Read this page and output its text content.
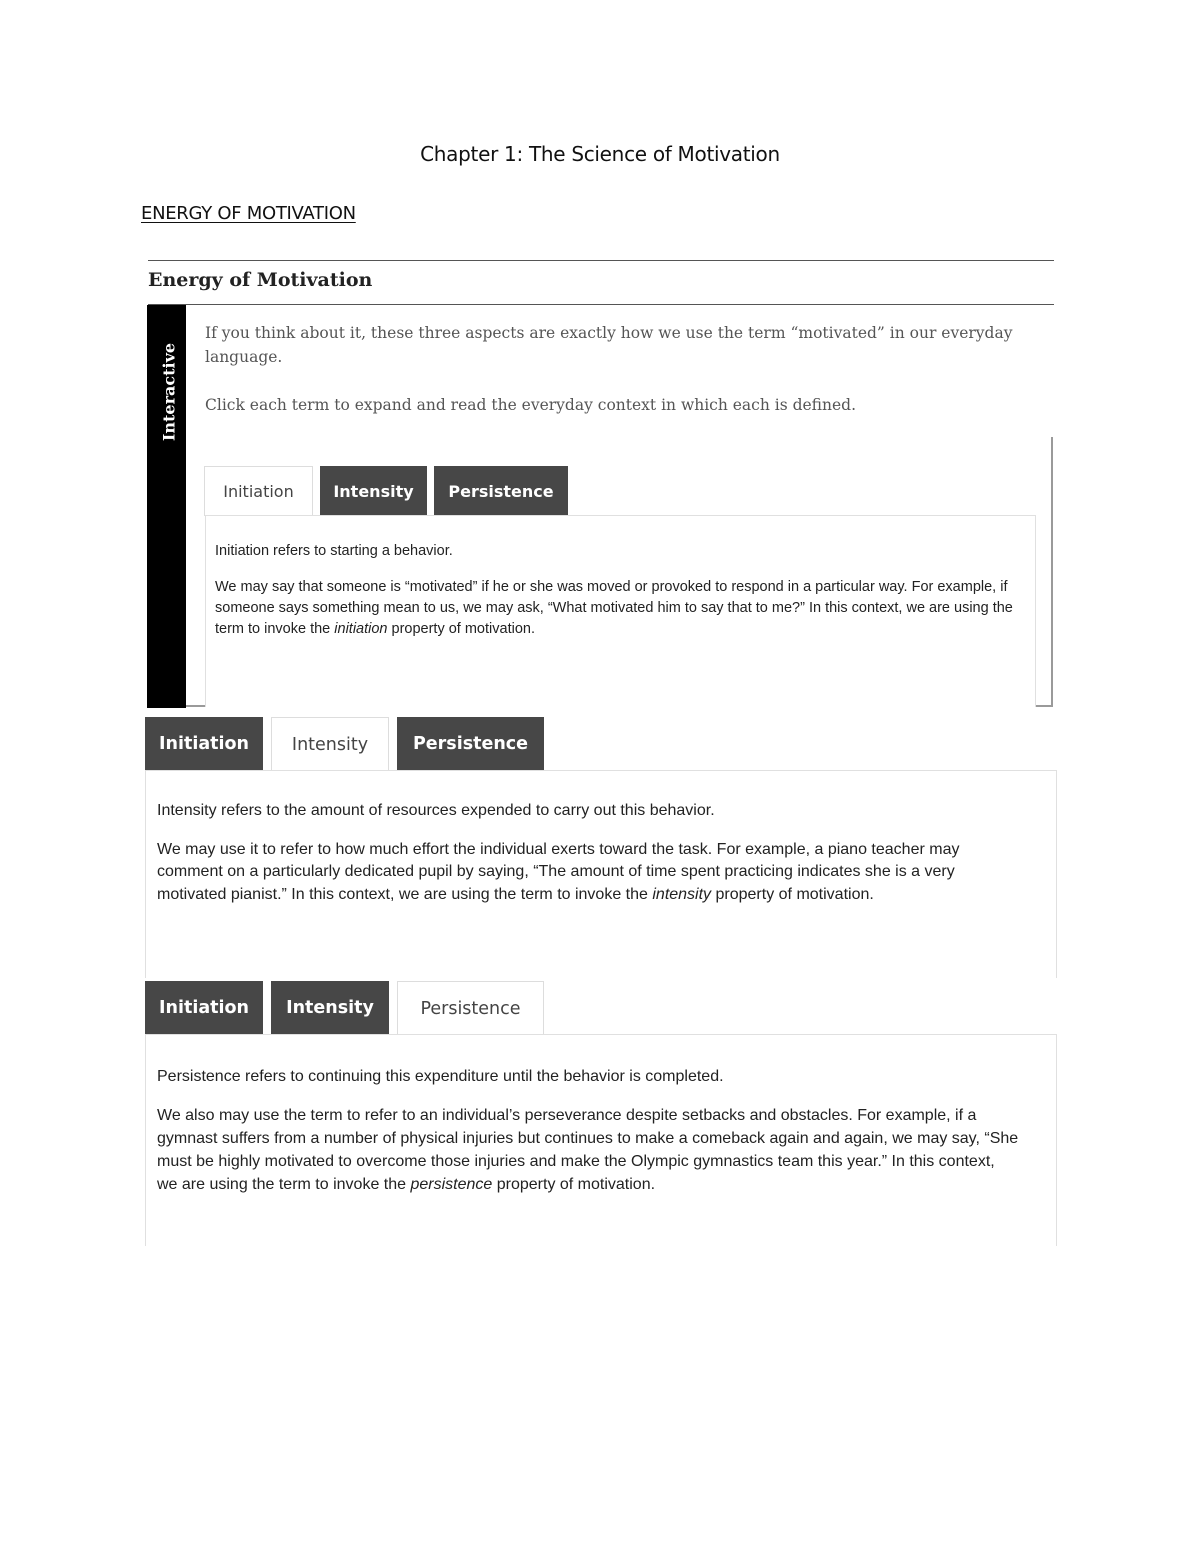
Chapter 1: The Science of Motivation
ENERGY OF MOTIVATION
Energy of Motivation
Interactive

If you think about it, these three aspects are exactly how we use the term “motivated” in our everyday language.

Click each term to expand and read the everyday context in which each is defined.

Initiation	Intensity	Persistence

Initiation refers to starting a behavior.

We may say that someone is “motivated” if he or she was moved or provoked to respond in a particular way. For example, if someone says something mean to us, we may ask, “What motivated him to say that to me?” In this context, we are using the term to invoke the initiation property of motivation.

Initiation	Intensity	Persistence

Intensity refers to the amount of resources expended to carry out this behavior.

We may use it to refer to how much effort the individual exerts toward the task. For example, a piano teacher may comment on a particularly dedicated pupil by saying, “The amount of time spent practicing indicates she is a very motivated pianist.” In this context, we are using the term to invoke the intensity property of motivation.

Initiation	Intensity	Persistence

Persistence refers to continuing this expenditure until the behavior is completed.

We also may use the term to refer to an individual’s perseverance despite setbacks and obstacles. For example, if a gymnast suffers from a number of physical injuries but continues to make a comeback again and again, we may say, “She must be highly motivated to overcome those injuries and make the Olympic gymnastics team this year.” In this context, we are using the term to invoke the persistence property of motivation.
